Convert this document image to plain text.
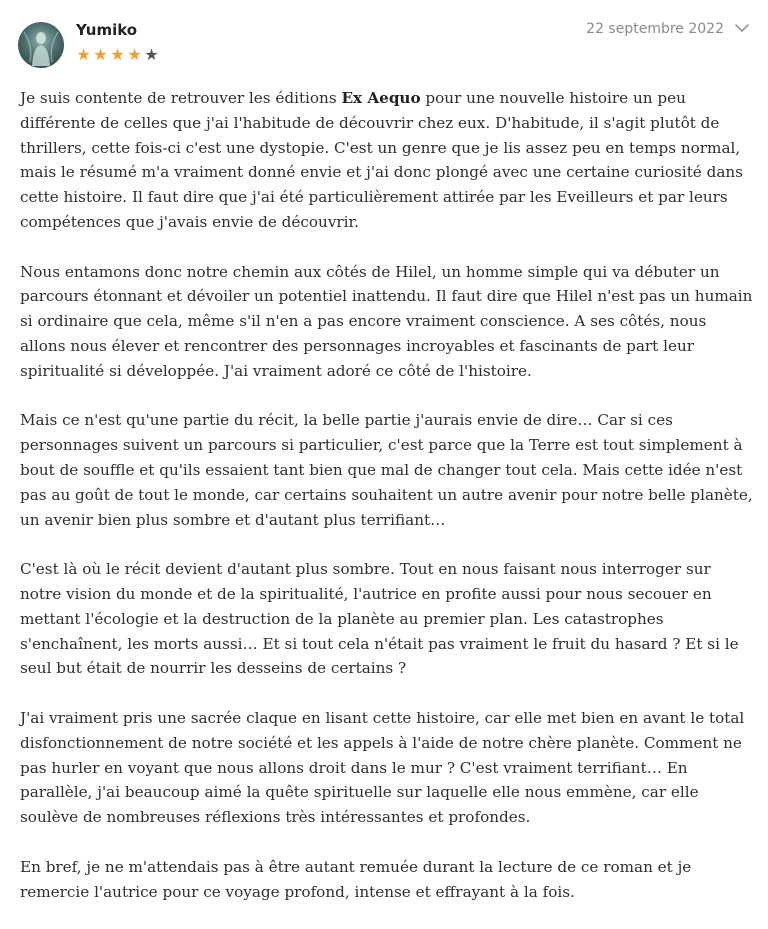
Yumiko
★ ★ ★ ★ ★
22 septembre 2022

Je suis contente de retrouver les éditions Ex Aequo pour une nouvelle histoire un peu différente de celles que j'ai l'habitude de découvrir chez eux. D'habitude, il s'agit plutôt de thrillers, cette fois-ci c'est une dystopie. C'est un genre que je lis assez peu en temps normal, mais le résumé m'a vraiment donné envie et j'ai donc plongé avec une certaine curiosité dans cette histoire. Il faut dire que j'ai été particulièrement attirée par les Eveilleurs et par leurs compétences que j'avais envie de découvrir.

Nous entamons donc notre chemin aux côtés de Hilel, un homme simple qui va débuter un parcours étonnant et dévoiler un potentiel inattendu. Il faut dire que Hilel n'est pas un humain si ordinaire que cela, même s'il n'en a pas encore vraiment conscience. A ses côtés, nous allons nous élever et rencontrer des personnages incroyables et fascinants de part leur spiritualité si développée. J'ai vraiment adoré ce côté de l'histoire.

Mais ce n'est qu'une partie du récit, la belle partie j'aurais envie de dire… Car si ces personnages suivent un parcours si particulier, c'est parce que la Terre est tout simplement à bout de souffle et qu'ils essaient tant bien que mal de changer tout cela. Mais cette idée n'est pas au goût de tout le monde, car certains souhaitent un autre avenir pour notre belle planète, un avenir bien plus sombre et d'autant plus terrifiant…

C'est là où le récit devient d'autant plus sombre. Tout en nous faisant nous interroger sur notre vision du monde et de la spiritualité, l'autrice en profite aussi pour nous secouer en mettant l'écologie et la destruction de la planète au premier plan. Les catastrophes s'enchaînent, les morts aussi… Et si tout cela n'était pas vraiment le fruit du hasard ? Et si le seul but était de nourrir les desseins de certains ?

J'ai vraiment pris une sacrée claque en lisant cette histoire, car elle met bien en avant le total disfonctionnement de notre société et les appels à l'aide de notre chère planète. Comment ne pas hurler en voyant que nous allons droit dans le mur ? C'est vraiment terrifiant… En parallèle, j'ai beaucoup aimé la quête spirituelle sur laquelle elle nous emmène, car elle soulève de nombreuses réflexions très intéressantes et profondes.

En bref, je ne m'attendais pas à être autant remuée durant la lecture de ce roman et je remercie l'autrice pour ce voyage profond, intense et effrayant à la fois.
